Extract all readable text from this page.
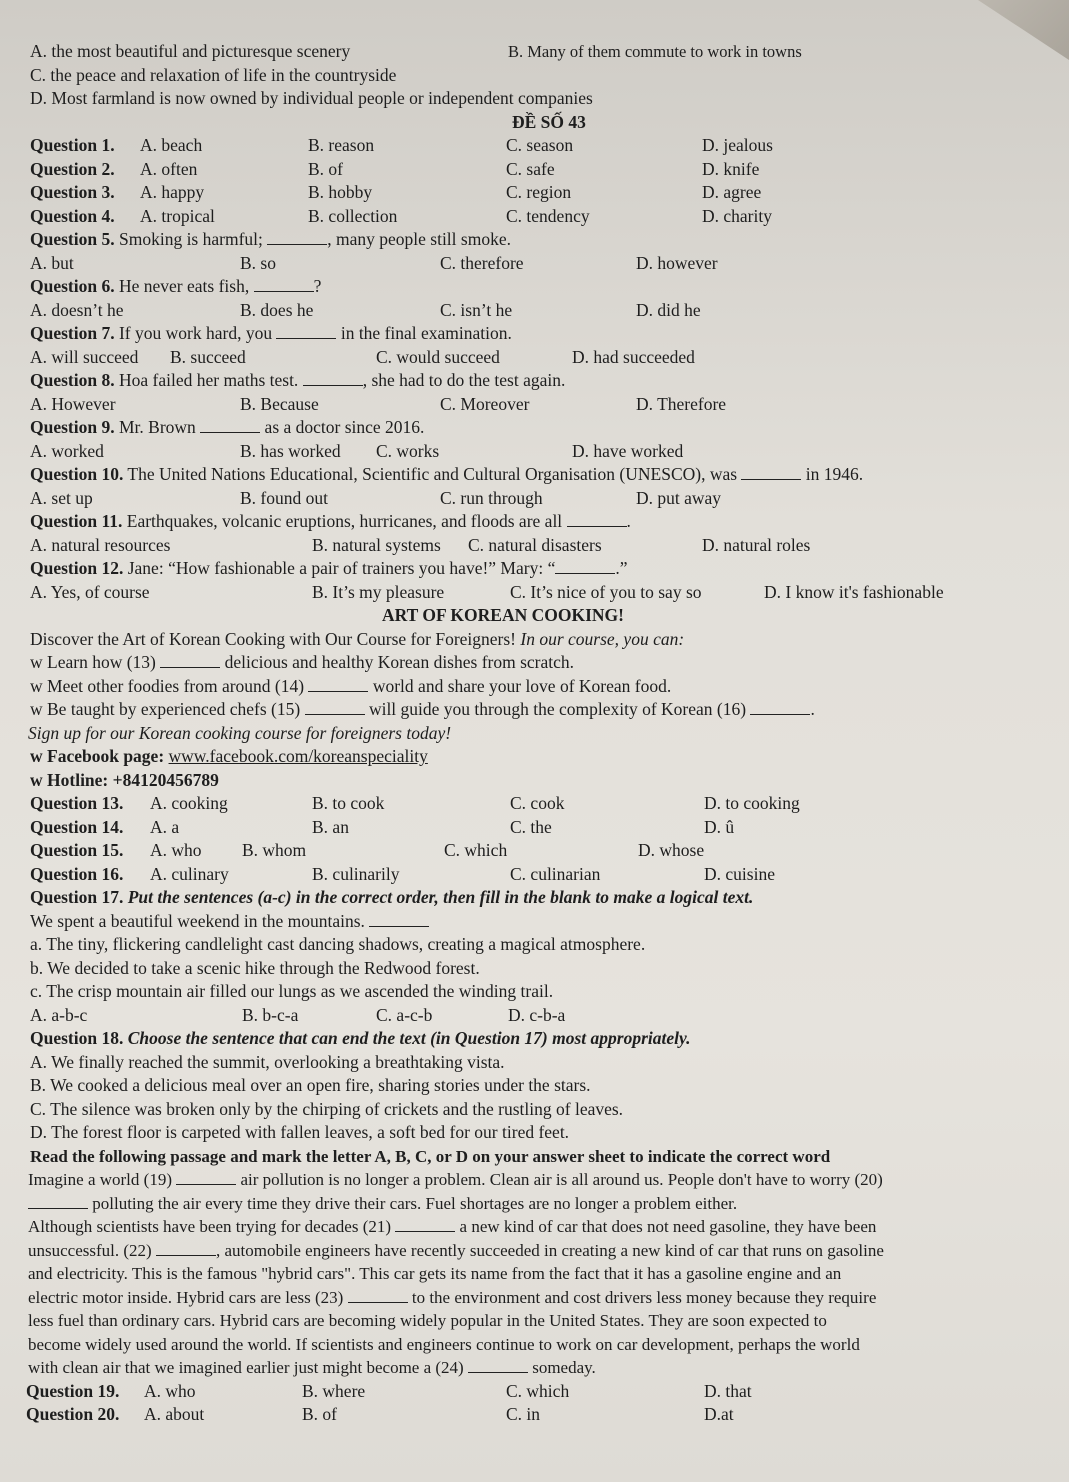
A. the most beautiful and picturesque scenery	B. Many of them commute to work in towns
C. the peace and relaxation of life in the countryside
D. Most farmland is now owned by individual people or independent companies
ĐỀ SỐ 43
Question 1. A. beach	B. reason	C. season	D. jealous
Question 2. A. often	B. of	C. safe	D. knife
Question 3. A. happy	B. hobby	C. region	D. agree
Question 4. A. tropical	B. collection	C. tendency	D. charity
Question 5. Smoking is harmful;	, many people still smoke.
A. but	B. so	C. therefore	D. however
Question 6. He never eats fish,	?
A. doesn’t he	B. does he	C. isn’t he	D. did he
Question 7. If you work hard, you	in the final examination.
A. will succeed B. succeed	C. would succeed	D. had succeeded
Question 8. Hoa failed her maths test.	, she had to do the test again.
A. However	B. Because	C. Moreover	D. Therefore
Question 9. Mr. Brown	as a doctor since 2016.
A. worked	B. has worked C. works	D. have worked
Question 10. The United Nations Educational, Scientific and Cultural Organisation (UNESCO), was	in 1946.
A. set up	B. found out	C. run through	D. put away
Question 11. Earthquakes, volcanic eruptions, hurricanes, and floods are all	.
A. natural resources	B. natural systems C. natural disasters	D. natural roles
Question 12. Jane: “How fashionable a pair of trainers you have!” Mary: “	.”
A. Yes, of course	B. It’s my pleasure	C. It’s nice of you to say so	D. I know it's fashionable
ART OF KOREAN COOKING!
Discover the Art of Korean Cooking with Our Course for Foreigners! In our course, you can:
w Learn how (13)	delicious and healthy Korean dishes from scratch.
w Meet other foodies from around (14)	world and share your love of Korean food.
w Be taught by experienced chefs (15)	will guide you through the complexity of Korean (16)	.
Sign up for our Korean cooking course for foreigners today!
w Facebook page: www.facebook.com/koreanspeciality
w Hotline: +84120456789
Question 13. A. cooking	B. to cook	C. cook	D. to cooking
Question 14. A. a	B. an	C. the	D. û
Question 15. A. who B. whom	C. which	D. whose
Question 16. A. culinary	B. culinarily	C. culinarian	D. cuisine
Question 17. Put the sentences (a-c) in the correct order, then fill in the blank to make a logical text.
We spent a beautiful weekend in the mountains.
a. The tiny, flickering candlelight cast dancing shadows, creating a magical atmosphere.
b. We decided to take a scenic hike through the Redwood forest.
c. The crisp mountain air filled our lungs as we ascended the winding trail.
A. a-b-c	B. b-c-a	C. a-c-b	D. c-b-a
Question 18. Choose the sentence that can end the text (in Question 17) most appropriately.
A. We finally reached the summit, overlooking a breathtaking vista.
B. We cooked a delicious meal over an open fire, sharing stories under the stars.
C. The silence was broken only by the chirping of crickets and the rustling of leaves.
D. The forest floor is carpeted with fallen leaves, a soft bed for our tired feet.
Read the following passage and mark the letter A, B, C, or D on your answer sheet to indicate the correct word
Imagine a world (19)	air pollution is no longer a problem. Clean air is all around us. People don't have to worry (20)
polluting the air every time they drive their cars. Fuel shortages are no longer a problem either.
Although scientists have been trying for decades (21)	a new kind of car that does not need gasoline, they have been
unsuccessful. (22)	, automobile engineers have recently succeeded in creating a new kind of car that runs on gasoline
and electricity. This is the famous "hybrid cars". This car gets its name from the fact that it has a gasoline engine and an
electric motor inside. Hybrid cars are less (23)	to the environment and cost drivers less money because they require
less fuel than ordinary cars. Hybrid cars are becoming widely popular in the United States. They are soon expected to
become widely used around the world. If scientists and engineers continue to work on car development, perhaps the world
with clean air that we imagined earlier just might become a (24)	someday.
Question 19. A. who	B. where	C. which	D. that
Question 20. A. about	B. of	C. in	D.at
